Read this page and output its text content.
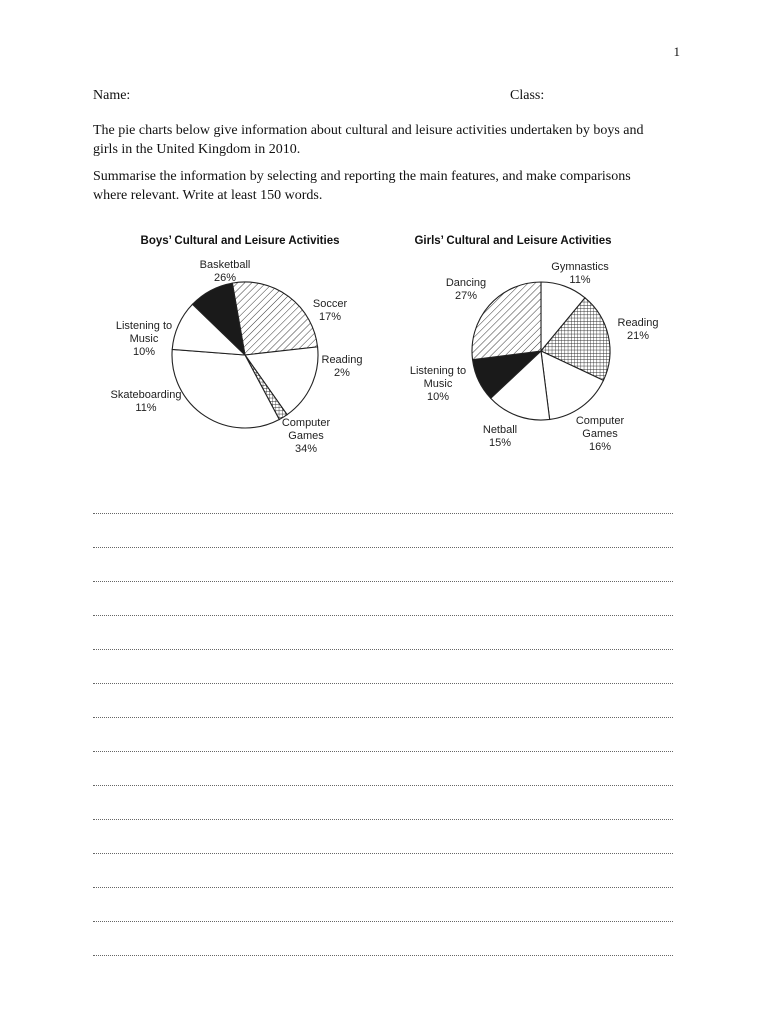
1
Name:	Class:

The pie charts below give information about cultural and leisure activities undertaken by boys and girls in the United Kingdom in 2010.

Summarise the information by selecting and reporting the main features, and make comparisons where relevant. Write at least 150 words.

Boys’ Cultural and Leisure Activities
Basketball
26%
Soccer
17%
Reading
2%
Computer Games
34%
Skateboarding
11%
Listening to Music
10%
Girls’ Cultural and Leisure Activities
Gymnastics
11%
Reading
21%
Computer Games
16%
Netball
15%
Listening to Music
10%
Dancing
27%
